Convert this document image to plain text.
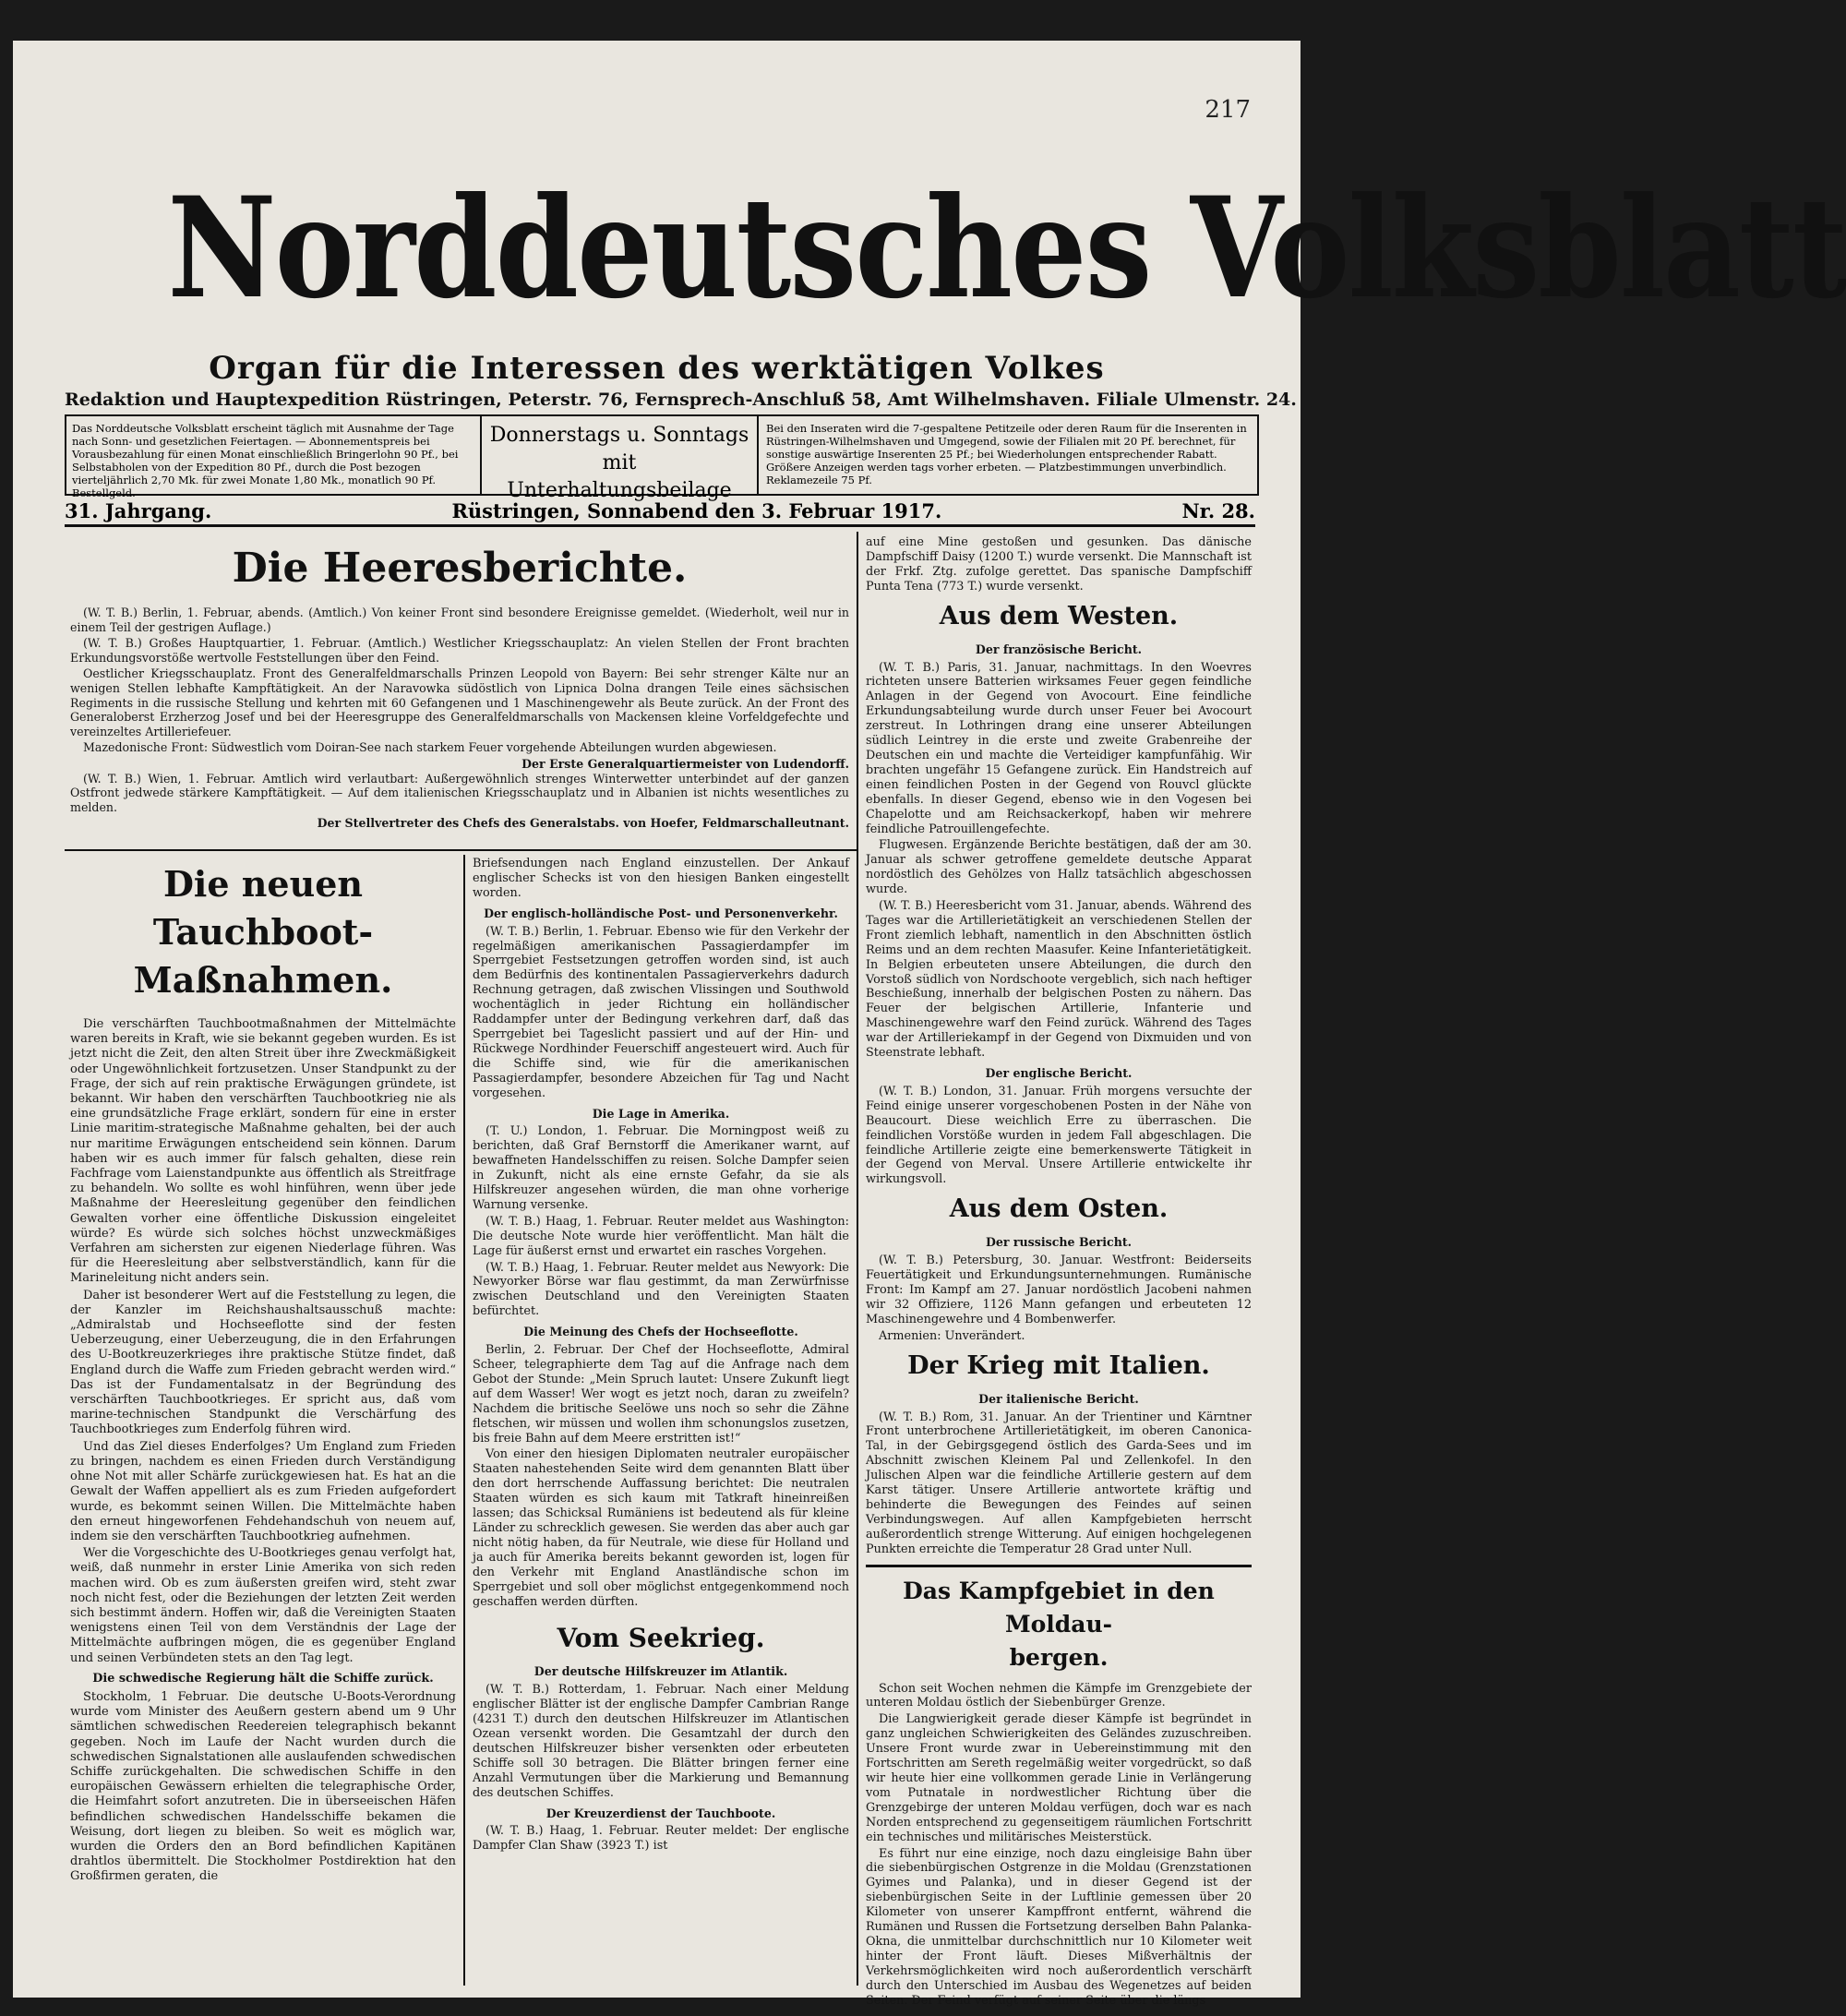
217
Norddeutsches Volksblatt
Organ für die Interessen des werktätigen Volkes
Redaktion und Hauptexpedition Rüstringen, Peterstr. 76, Fernsprech-Anschluß 58, Amt Wilhelmshaven. Filiale Ulmenstr. 24.
Das Norddeutsche Volksblatt erscheint täglich mit Ausnahme der Tage nach Sonn- und gesetzlichen Feiertagen. — Abonnementspreis bei Vorausbezahlung für einen Monat einschließlich Bringerlohn 90 Pf., bei Selbstabholen von der Expedition 80 Pf., durch die Post bezogen vierteljährlich 2,70 Mk. für zwei Monate 1,80 Mk., monatlich 90 Pf. Bestellgeld.
Donnerstags u. Sonntags mit Unterhaltungsbeilage
Bei den Inseraten wird die 7-gespaltene Petitzeile oder deren Raum für die Inserenten in Rüstringen-Wilhelmshaven und Umgegend, sowie der Filialen mit 20 Pf. berechnet, für sonstige auswärtige Inserenten 25 Pf.; bei Wiederholungen entsprechender Rabatt. Größere Anzeigen werden tags vorher erbeten. — Platzbestimmungen unverbindlich. Reklamezeile 75 Pf.
31. Jahrgang.	Rüstringen, Sonnabend den 3. Februar 1917.	Nr. 28.
Die Heeresberichte.

(W. T. B.) Berlin, 1. Februar, abends. (Amtlich.) Von keiner Front sind besondere Ereignisse gemeldet. (Wiederholt, weil nur in einem Teil der gestrigen Auflage.)

(W. T. B.) Großes Hauptquartier, 1. Februar. (Amtlich.) Westlicher Kriegsschauplatz: An vielen Stellen der Front brachten Erkundungsvorstöße wertvolle Feststellungen über den Feind.

Oestlicher Kriegsschauplatz. Front des Generalfeldmarschalls Prinzen Leopold von Bayern: Bei sehr strenger Kälte nur an wenigen Stellen lebhafte Kampftätigkeit. An der Naravowka südöstlich von Lipnica Dolna drangen Teile eines sächsischen Regiments in die russische Stellung und kehrten mit 60 Gefangenen und 1 Maschinengewehr als Beute zurück. An der Front des Generaloberst Erzherzog Josef und bei der Heeresgruppe des Generalfeldmarschalls von Mackensen kleine Vorfeldgefechte und vereinzeltes Artilleriefeuer.

Mazedonische Front: Südwestlich vom Doiran-See nach starkem Feuer vorgehende Abteilungen wurden abgewiesen.

Der Erste Generalquartiermeister von Ludendorff.

(W. T. B.) Wien, 1. Februar. Amtlich wird verlautbart: Außergewöhnlich strenges Winterwetter unterbindet auf der ganzen Ostfront jedwede stärkere Kampftätigkeit. — Auf dem italienischen Kriegsschauplatz und in Albanien ist nichts wesentliches zu melden.

Der Stellvertreter des Chefs des Generalstabs. von Hoefer, Feldmarschalleutnant.
Die neuen Tauchboot-
Maßnahmen.

Die verschärften Tauchbootmaßnahmen der Mittelmächte waren bereits in Kraft, wie sie bekannt gegeben wurden. Es ist jetzt nicht die Zeit, den alten Streit über ihre Zweckmäßigkeit oder Ungewöhnlichkeit fortzusetzen. Unser Standpunkt zu der Frage, der sich auf rein praktische Erwägungen gründete, ist bekannt. Wir haben den verschärften Tauchbootkrieg nie als eine grundsätzliche Frage erklärt, sondern für eine in erster Linie maritim-strategische Maßnahme gehalten, bei der auch nur maritime Erwägungen entscheidend sein können. Darum haben wir es auch immer für falsch gehalten, diese rein Fachfrage vom Laienstandpunkte aus öffentlich als Streitfrage zu behandeln. Wo sollte es wohl hinführen, wenn über jede Maßnahme der Heeresleitung gegenüber den feindlichen Gewalten vorher eine öffentliche Diskussion eingeleitet würde? Es würde sich solches höchst unzweckmäßiges Verfahren am sichersten zur eigenen Niederlage führen. Was für die Heeresleitung aber selbstverständlich, kann für die Marineleitung nicht anders sein.

Daher ist besonderer Wert auf die Feststellung zu legen, die der Kanzler im Reichshaushaltsausschuß machte: „Admiralstab und Hochseeflotte sind der festen Ueberzeugung, einer Ueberzeugung, die in den Erfahrungen des U-Bootkreuzerkrieges ihre praktische Stütze findet, daß England durch die Waffe zum Frieden gebracht werden wird.“ Das ist der Fundamentalsatz in der Begründung des verschärften Tauchbootkrieges. Er spricht aus, daß vom marine-technischen Standpunkt die Verschärfung des Tauchbootkrieges zum Enderfolg führen wird.

Und das Ziel dieses Enderfolges? Um England zum Frieden zu bringen, nachdem es einen Frieden durch Verständigung ohne Not mit aller Schärfe zurückgewiesen hat. Es hat an die Gewalt der Waffen appelliert als es zum Frieden aufgefordert wurde, es bekommt seinen Willen. Die Mittelmächte haben den erneut hingeworfenen Fehdehandschuh von neuem auf, indem sie den verschärften Tauchbootkrieg aufnehmen.

Wer die Vorgeschichte des U-Bootkrieges genau verfolgt hat, weiß, daß nunmehr in erster Linie Amerika von sich reden machen wird. Ob es zum äußersten greifen wird, steht zwar noch nicht fest, oder die Beziehungen der letzten Zeit werden sich bestimmt ändern. Hoffen wir, daß die Vereinigten Staaten wenigstens einen Teil von dem Verständnis der Lage der Mittelmächte aufbringen mögen, die es gegenüber England und seinen Verbündeten stets an den Tag legt.

Die schwedische Regierung hält die Schiffe zurück.

Stockholm, 1 Februar. Die deutsche U-Boots-Verordnung wurde vom Minister des Aeußern gestern abend um 9 Uhr sämtlichen schwedischen Reedereien telegraphisch bekannt gegeben. Noch im Laufe der Nacht wurden durch die schwedischen Signalstationen alle auslaufenden schwedischen Schiffe zurückgehalten. Die schwedischen Schiffe in den europäischen Gewässern erhielten die telegraphische Order, die Heimfahrt sofort anzutreten. Die in überseeischen Häfen befindlichen schwedischen Handelsschiffe bekamen die Weisung, dort liegen zu bleiben. So weit es möglich war, wurden die Orders den an Bord befindlichen Kapitänen drahtlos übermittelt. Die Stockholmer Postdirektion hat den Großfirmen geraten, die

Briefsendungen nach England einzustellen. Der Ankauf englischer Schecks ist von den hiesigen Banken eingestellt worden.

Der englisch-holländische Post- und Personenverkehr.

(W. T. B.) Berlin, 1. Februar. Ebenso wie für den Verkehr der regelmäßigen amerikanischen Passagierdampfer im Sperrgebiet Festsetzungen getroffen worden sind, ist auch dem Bedürfnis des kontinentalen Passagierverkehrs dadurch Rechnung getragen, daß zwischen Vlissingen und Southwold wochentäglich in jeder Richtung ein holländischer Raddampfer unter der Bedingung verkehren darf, daß das Sperrgebiet bei Tageslicht passiert und auf der Hin- und Rückwege Nordhinder Feuerschiff angesteuert wird. Auch für die Schiffe sind, wie für die amerikanischen Passagierdampfer, besondere Abzeichen für Tag und Nacht vorgesehen.

Die Lage in Amerika.

(T. U.) London, 1. Februar. Die Morningpost weiß zu berichten, daß Graf Bernstorff die Amerikaner warnt, auf bewaffneten Handelsschiffen zu reisen. Solche Dampfer seien in Zukunft, nicht als eine ernste Gefahr, da sie als Hilfskreuzer angesehen würden, die man ohne vorherige Warnung versenke.

(W. T. B.) Haag, 1. Februar. Reuter meldet aus Washington: Die deutsche Note wurde hier veröffentlicht. Man hält die Lage für äußerst ernst und erwartet ein rasches Vorgehen.

(W. T. B.) Haag, 1. Februar. Reuter meldet aus Newyork: Die Newyorker Börse war flau gestimmt, da man Zerwürfnisse zwischen Deutschland und den Vereinigten Staaten befürchtet.

Die Meinung des Chefs der Hochseeflotte.

Berlin, 2. Februar. Der Chef der Hochseeflotte, Admiral Scheer, telegraphierte dem Tag auf die Anfrage nach dem Gebot der Stunde: „Mein Spruch lautet: Unsere Zukunft liegt auf dem Wasser! Wer wogt es jetzt noch, daran zu zweifeln? Nachdem die britische Seelöwe uns noch so sehr die Zähne fletschen, wir müssen und wollen ihm schonungslos zusetzen, bis freie Bahn auf dem Meere erstritten ist!“

Von einer den hiesigen Diplomaten neutraler europäischer Staaten nahestehenden Seite wird dem genannten Blatt über den dort herrschende Auffassung berichtet: Die neutralen Staaten würden es sich kaum mit Tatkraft hineinreißen lassen; das Schicksal Rumäniens ist bedeutend als für kleine Länder zu schrecklich gewesen. Sie werden das aber auch gar nicht nötig haben, da für Neutrale, wie diese für Holland und ja auch für Amerika bereits bekannt geworden ist, logen für den Verkehr mit England Anastländische schon im Sperrgebiet und soll ober möglichst entgegenkommend noch geschaffen werden dürften.

Vom Seekrieg.
Der deutsche Hilfskreuzer im Atlantik.

(W. T. B.) Rotterdam, 1. Februar. Nach einer Meldung englischer Blätter ist der englische Dampfer Cambrian Range (4231 T.) durch den deutschen Hilfskreuzer im Atlantischen Ozean versenkt worden. Die Gesamtzahl der durch den deutschen Hilfskreuzer bisher versenkten oder erbeuteten Schiffe soll 30 betragen. Die Blätter bringen ferner eine Anzahl Vermutungen über die Markierung und Bemannung des deutschen Schiffes.

Der Kreuzerdienst der Tauchboote.

(W. T. B.) Haag, 1. Februar. Reuter meldet: Der englische Dampfer Clan Shaw (3923 T.) ist

auf eine Mine gestoßen und gesunken. Das dänische Dampfschiff Daisy (1200 T.) wurde versenkt. Die Mannschaft ist der Frkf. Ztg. zufolge gerettet. Das spanische Dampfschiff Punta Tena (773 T.) wurde versenkt.

Aus dem Westen.
Der französische Bericht.

(W. T. B.) Paris, 31. Januar, nachmittags. In den Woevres richteten unsere Batterien wirksames Feuer gegen feindliche Anlagen in der Gegend von Avocourt. Eine feindliche Erkundungsabteilung wurde durch unser Feuer bei Avocourt zerstreut. In Lothringen drang eine unserer Abteilungen südlich Leintrey in die erste und zweite Grabenreihe der Deutschen ein und machte die Verteidiger kampfunfähig. Wir brachten ungefähr 15 Gefangene zurück. Ein Handstreich auf einen feindlichen Posten in der Gegend von Rouvcl glückte ebenfalls. In dieser Gegend, ebenso wie in den Vogesen bei Chapelotte und am Reichsackerkopf, haben wir mehrere feindliche Patrouillengefechte.

Flugwesen. Ergänzende Berichte bestätigen, daß der am 30. Januar als schwer getroffene gemeldete deutsche Apparat nordöstlich des Gehölzes von Hallz tatsächlich abgeschossen wurde.

(W. T. B.) Heeresbericht vom 31. Januar, abends. Während des Tages war die Artillerietätigkeit an verschiedenen Stellen der Front ziemlich lebhaft, namentlich in den Abschnitten östlich Reims und an dem rechten Maasufer. Keine Infanterietätigkeit. In Belgien erbeuteten unsere Abteilungen, die durch den Vorstoß südlich von Nordschoote vergeblich, sich nach heftiger Beschießung, innerhalb der belgischen Posten zu nähern. Das Feuer der belgischen Artillerie, Infanterie und Maschinengewehre warf den Feind zurück. Während des Tages war der Artilleriekampf in der Gegend von Dixmuiden und von Steenstrate lebhaft.

Der englische Bericht.

(W. T. B.) London, 31. Januar. Früh morgens versuchte der Feind einige unserer vorgeschobenen Posten in der Nähe von Beaucourt. Diese weichlich Erre zu überraschen. Die feindlichen Vorstöße wurden in jedem Fall abgeschlagen. Die feindliche Artillerie zeigte eine bemerkenswerte Tätigkeit in der Gegend von Merval. Unsere Artillerie entwickelte ihr wirkungsvoll.

Aus dem Osten.
Der russische Bericht.

(W. T. B.) Petersburg, 30. Januar. Westfront: Beiderseits Feuertätigkeit und Erkundungsunternehmungen. Rumänische Front: Im Kampf am 27. Januar nordöstlich Jacobeni nahmen wir 32 Offiziere, 1126 Mann gefangen und erbeuteten 12 Maschinengewehre und 4 Bombenwerfer.

Armenien: Unverändert.

Der Krieg mit Italien.
Der italienische Bericht.

(W. T. B.) Rom, 31. Januar. An der Trientiner und Kärntner Front unterbrochene Artillerietätigkeit, im oberen Canonica-Tal, in der Gebirgsgegend östlich des Garda-Sees und im Abschnitt zwischen Kleinem Pal und Zellenkofel. In den Julischen Alpen war die feindliche Artillerie gestern auf dem Karst tätiger. Unsere Artillerie antwortete kräftig und behinderte die Bewegungen des Feindes auf seinen Verbindungswegen. Auf allen Kampfgebieten herrscht außerordentlich strenge Witterung. Auf einigen hochgelegenen Punkten erreichte die Temperatur 28 Grad unter Null.

Das Kampfgebiet in den Moldau-
bergen.

Schon seit Wochen nehmen die Kämpfe im Grenzgebiete der unteren Moldau östlich der Siebenbürger Grenze.

Die Langwierigkeit gerade dieser Kämpfe ist begründet in ganz ungleichen Schwierigkeiten des Geländes zuzuschreiben. Unsere Front wurde zwar in Uebereinstimmung mit den Fortschritten am Sereth regelmäßig weiter vorgedrückt, so daß wir heute hier eine vollkommen gerade Linie in Verlängerung vom Putnatale in nordwestlicher Richtung über die Grenzgebirge der unteren Moldau verfügen, doch war es nach Norden entsprechend zu gegenseitigem räumlichen Fortschritt ein technisches und militärisches Meisterstück.

Es führt nur eine einzige, noch dazu eingleisige Bahn über die siebenbürgischen Ostgrenze in die Moldau (Grenzstationen Gyimes und Palanka), und in dieser Gegend ist der siebenbürgischen Seite in der Luftlinie gemessen über 20 Kilometer von unserer Kampffront entfernt, während die Rumänen und Russen die Fortsetzung derselben Bahn Palanka-Okna, die unmittelbar durchschnittlich nur 10 Kilometer weit hinter der Front läuft. Dieses Mißverhältnis der Verkehrsmöglichkeiten wird noch außerordentlich verschärft durch den Unterschied im Ausbau des Wegenetzes auf beiden Seiten. Der Feind verfügt auf seiner Seite über die längs
